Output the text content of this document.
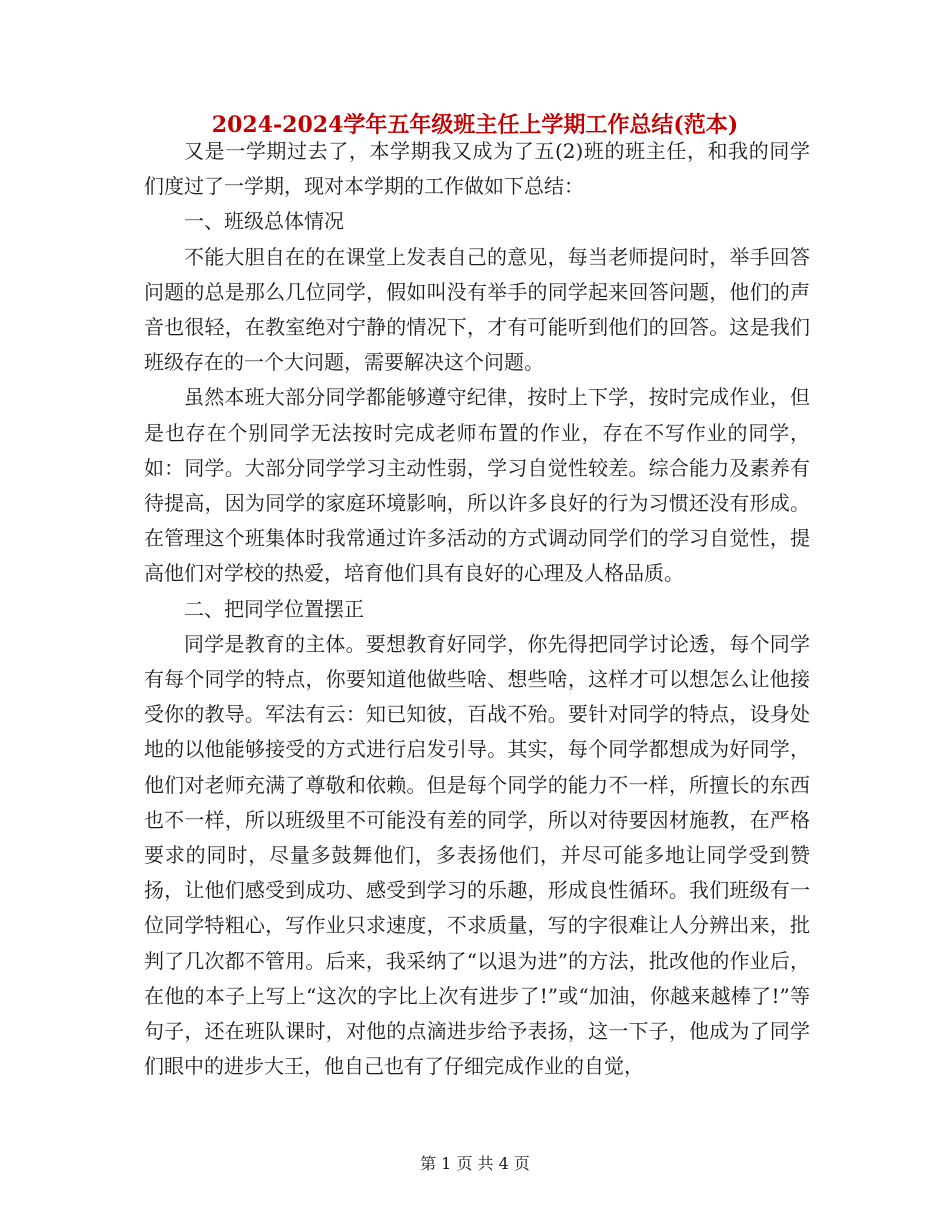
2024-2024学年五年级班主任上学期工作总结(范本)

又是一学期过去了，本学期我又成为了五(2)班的班主任，和我的同学们度过了一学期，现对本学期的工作做如下总结：

一、班级总体情况

不能大胆自在的在课堂上发表自己的意见，每当老师提问时，举手回答问题的总是那么几位同学，假如叫没有举手的同学起来回答问题，他们的声音也很轻，在教室绝对宁静的情况下，才有可能听到他们的回答。这是我们班级存在的一个大问题，需要解决这个问题。

虽然本班大部分同学都能够遵守纪律，按时上下学，按时完成作业，但是也存在个别同学无法按时完成老师布置的作业，存在不写作业的同学，如：同学。大部分同学学习主动性弱，学习自觉性较差。综合能力及素养有待提高，因为同学的家庭环境影响，所以许多良好的行为习惯还没有形成。在管理这个班集体时我常通过许多活动的方式调动同学们的学习自觉性，提高他们对学校的热爱，培育他们具有良好的心理及人格品质。

二、把同学位置摆正

同学是教育的主体。要想教育好同学，你先得把同学讨论透，每个同学有每个同学的特点，你要知道他做些啥、想些啥，这样才可以想怎么让他接受你的教导。军法有云：知已知彼，百战不殆。要针对同学的特点，设身处地的以他能够接受的方式进行启发引导。其实，每个同学都想成为好同学，他们对老师充满了尊敬和依赖。但是每个同学的能力不一样，所擅长的东西也不一样，所以班级里不可能没有差的同学，所以对待要因材施教，在严格要求的同时，尽量多鼓舞他们，多表扬他们，并尽可能多地让同学受到赞扬，让他们感受到成功、感受到学习的乐趣，形成良性循环。我们班级有一位同学特粗心，写作业只求速度，不求质量，写的字很难让人分辨出来，批判了几次都不管用。后来，我采纳了“以退为进”的方法，批改他的作业后，在他的本子上写上“这次的字比上次有进步了!”或“加油，你越来越棒了!”等句子，还在班队课时，对他的点滴进步给予表扬，这一下子，他成为了同学们眼中的进步大王，他自己也有了仔细完成作业的自觉，

第 1 页 共 4 页
